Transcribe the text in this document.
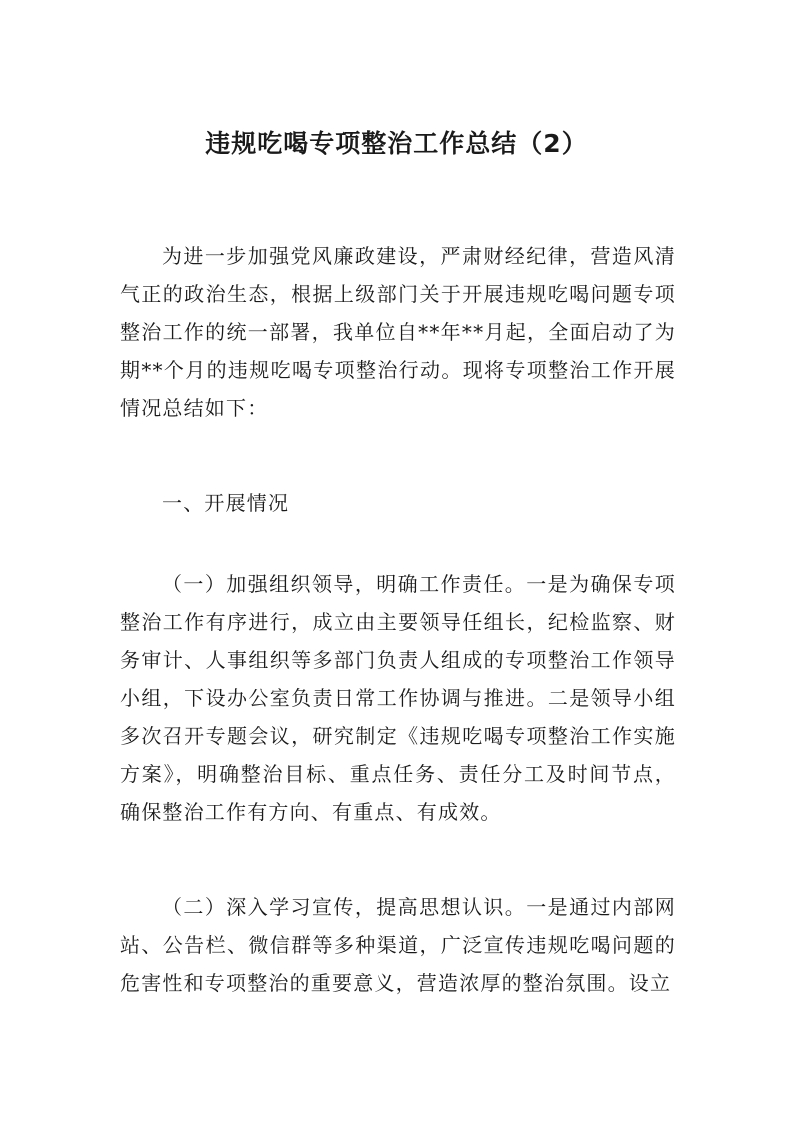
违规吃喝专项整治工作总结（2）

为进一步加强党风廉政建设，严肃财经纪律，营造风清气正的政治生态，根据上级部门关于开展违规吃喝问题专项整治工作的统一部署，我单位自**年**月起，全面启动了为期**个月的违规吃喝专项整治行动。现将专项整治工作开展情况总结如下：

一、开展情况

（一）加强组织领导，明确工作责任。一是为确保专项整治工作有序进行，成立由主要领导任组长，纪检监察、财务审计、人事组织等多部门负责人组成的专项整治工作领导小组，下设办公室负责日常工作协调与推进。二是领导小组多次召开专题会议，研究制定《违规吃喝专项整治工作实施方案》，明确整治目标、重点任务、责任分工及时间节点，确保整治工作有方向、有重点、有成效。

（二）深入学习宣传，提高思想认识。一是通过内部网站、公告栏、微信群等多种渠道，广泛宣传违规吃喝问题的危害性和专项整治的重要意义，营造浓厚的整治氛围。设立
